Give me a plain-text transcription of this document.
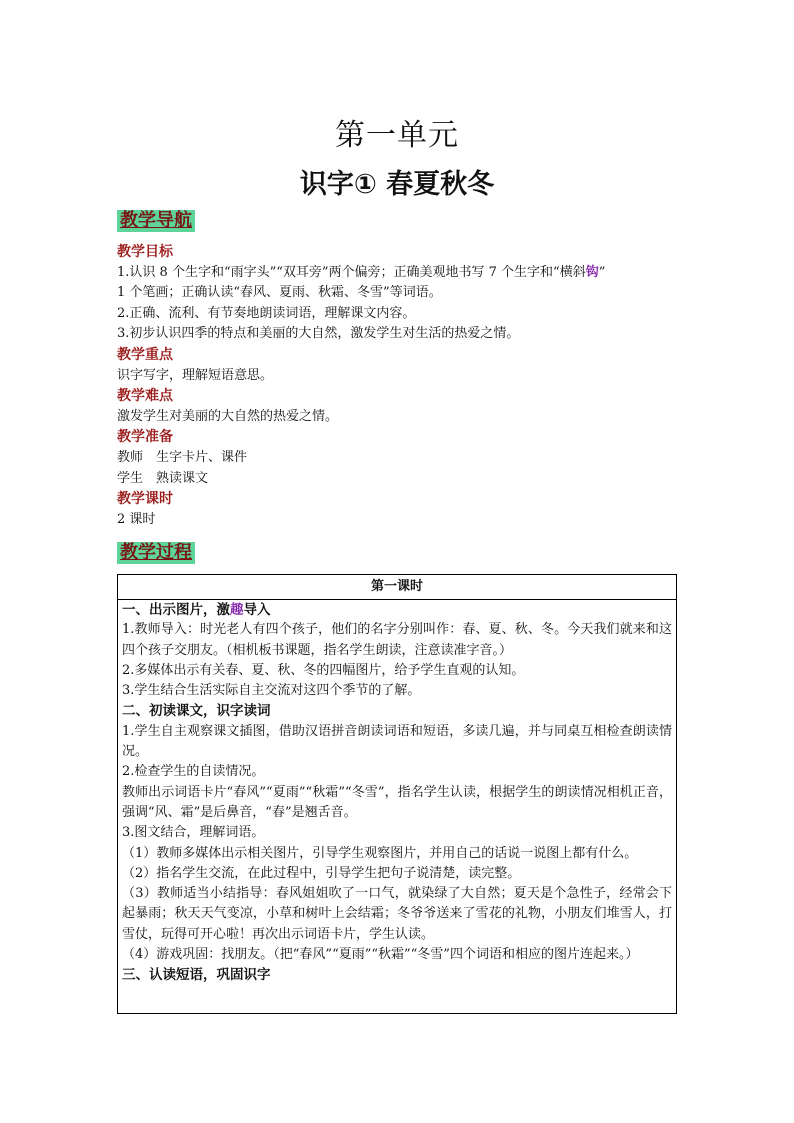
第一单元
识字① 春夏秋冬
教学导航
教学目标
1.认识 8 个生字和“雨字头”“双耳旁”两个偏旁；正确美观地书写 7 个生字和“横斜钩”
1 个笔画；正确认读“春风、夏雨、秋霜、冬雪”等词语。
2.正确、流利、有节奏地朗读词语，理解课文内容。
3.初步认识四季的特点和美丽的大自然，激发学生对生活的热爱之情。
教学重点
识字写字，理解短语意思。
教学难点
激发学生对美丽的大自然的热爱之情。
教学准备
教师　生字卡片、课件
学生　熟读课文
教学课时
2 课时
教学过程
第一课时
一、出示图片，激趣导入
1.教师导入：时光老人有四个孩子，他们的名字分别叫作：春、夏、秋、冬。今天我们就来和这四个孩子交朋友。（相机板书课题，指名学生朗读，注意读准字音。）
2.多媒体出示有关春、夏、秋、冬的四幅图片，给予学生直观的认知。
3.学生结合生活实际自主交流对这四个季节的了解。
二、初读课文，识字读词
1.学生自主观察课文插图，借助汉语拼音朗读词语和短语，多读几遍，并与同桌互相检查朗读情况。
2.检查学生的自读情况。
教师出示词语卡片“春风”“夏雨”“秋霜”“冬雪”，指名学生认读，根据学生的朗读情况相机正音，强调“风、霜”是后鼻音，“春”是翘舌音。
3.图文结合，理解词语。
（1）教师多媒体出示相关图片，引导学生观察图片，并用自己的话说一说图上都有什么。
（2）指名学生交流，在此过程中，引导学生把句子说清楚，读完整。
（3）教师适当小结指导：春风姐姐吹了一口气，就染绿了大自然；夏天是个急性子，经常会下起暴雨；秋天天气变凉，小草和树叶上会结霜；冬爷爷送来了雪花的礼物，小朋友们堆雪人，打雪仗，玩得可开心啦！再次出示词语卡片，学生认读。
（4）游戏巩固：找朋友。（把“春风”“夏雨”“秋霜”“冬雪”四个词语和相应的图片连起来。）
三、认读短语，巩固识字
